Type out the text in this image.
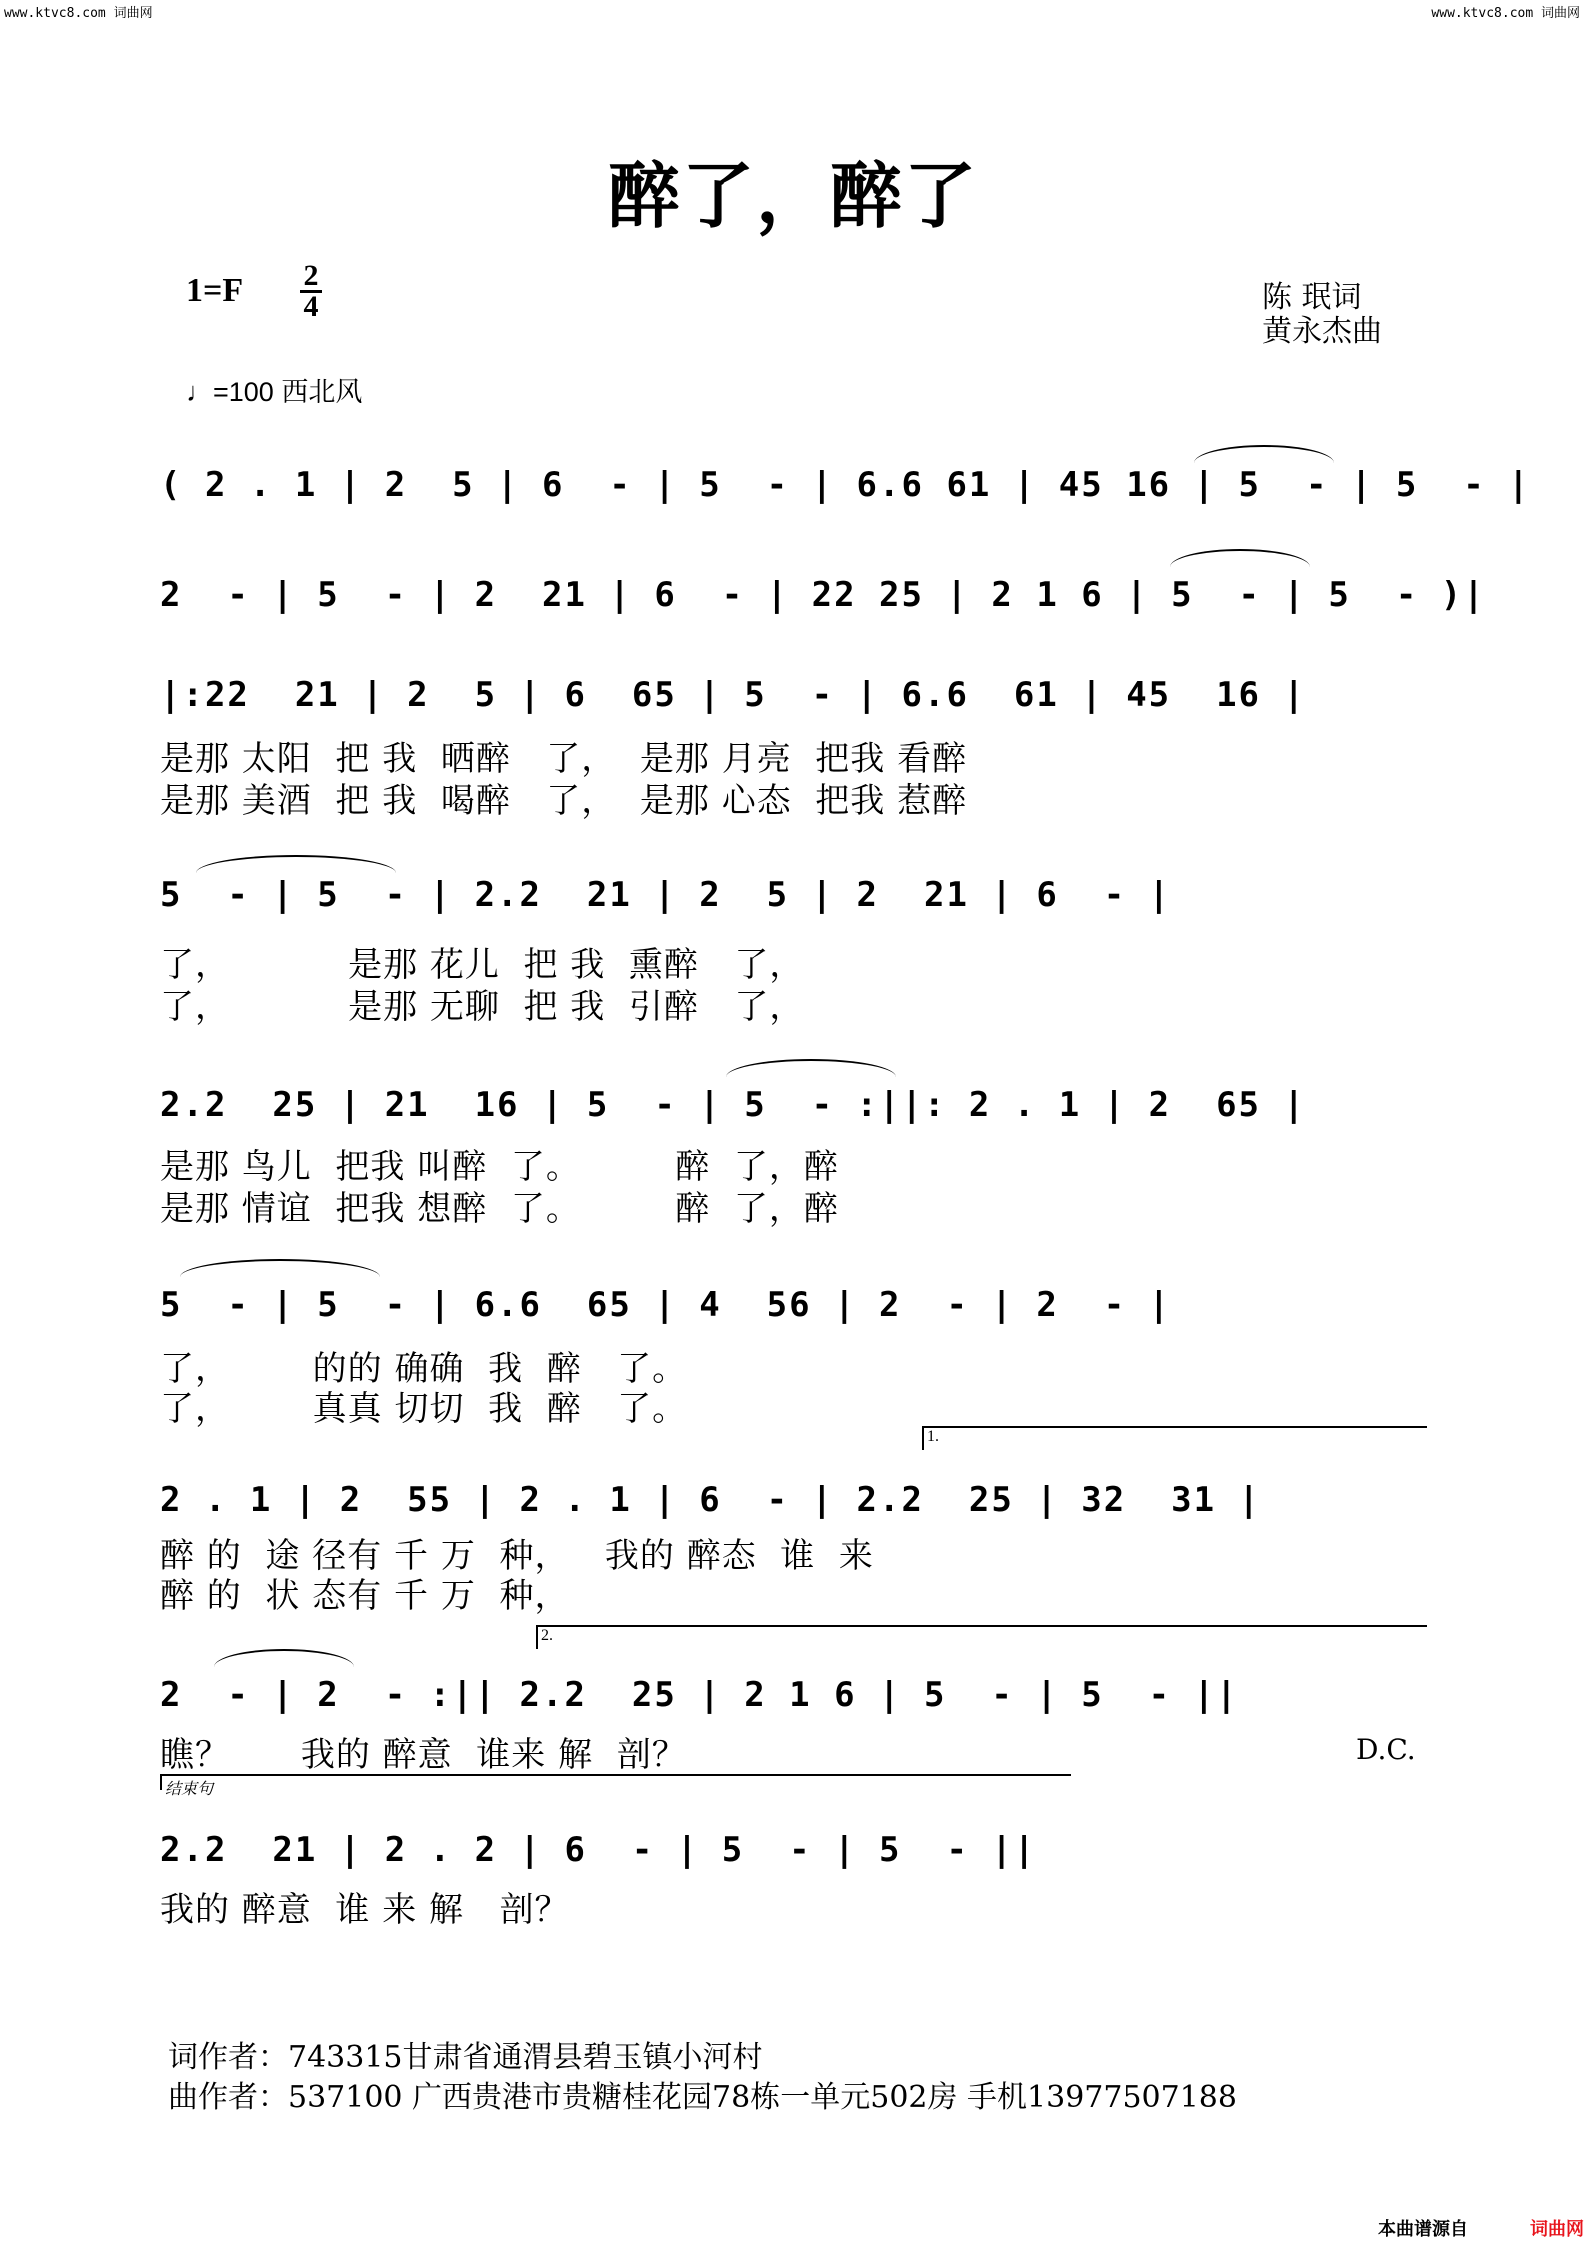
www.ktvc8.com 词曲网	www.ktvc8.com 词曲网
醉了，醉了
$1=F \frac{2}{4}$	陈 珉词
黄永杰曲
♩=100 西北风
( 2 . 1 | 2  5 | 6  - | 5  - | 6.6 61 | 45 16 | 5  - | 5  - |
2  - | 5  - | 2  21 | 6  - | 22 25 | 2 1 6 | 5  - | 5  - )|
|:22  21 | 2  5 | 6  65 | 5  - | 6.6  61 | 45  16 |
是那 太阳  把 我  晒醉   了，  是那 月亮  把我 看醉
是那 美酒  把 我  喝醉   了，  是那 心态  把我 惹醉
5  - | 5  - | 2.2  21 | 2  5 | 2  21 | 6  - |
了，          是那 花儿  把 我  熏醉   了，
了，          是那 无聊  把 我  引醉   了，
2.2  25 | 21  16 | 5  - | 5  - :||: 2 . 1 | 2  65 |
是那 鸟儿  把我 叫醉  了。        醉  了，醉
是那 情谊  把我 想醉  了。        醉  了，醉
5  - | 5  - | 6.6  65 | 4  56 | 2  - | 2  - |
了，       的的 确确  我  醉   了。
了，       真真 切切  我  醉   了。
1.
2 . 1 | 2  55 | 2 . 1 | 6  - | 2.2  25 | 32  31 |
醉 的  途 径有 千 万  种，   我的 醉态  谁  来
醉 的  状 态有 千 万  种，
2.
2  - | 2  - :|| 2.2  25 | 2 1 6 | 5  - | 5  - ||
瞧？      我的 醉意  谁来 解  剖？	D.C.
结束句
2.2  21 | 2 . 2 | 6  - | 5  - | 5  - ||
我的 醉意  谁 来 解   剖？
词作者：743315甘肃省通渭县碧玉镇小河村
曲作者：537100 广西贵港市贵糖桂花园78栋一单元502房 手机13977507188
本曲谱源自	词曲网
